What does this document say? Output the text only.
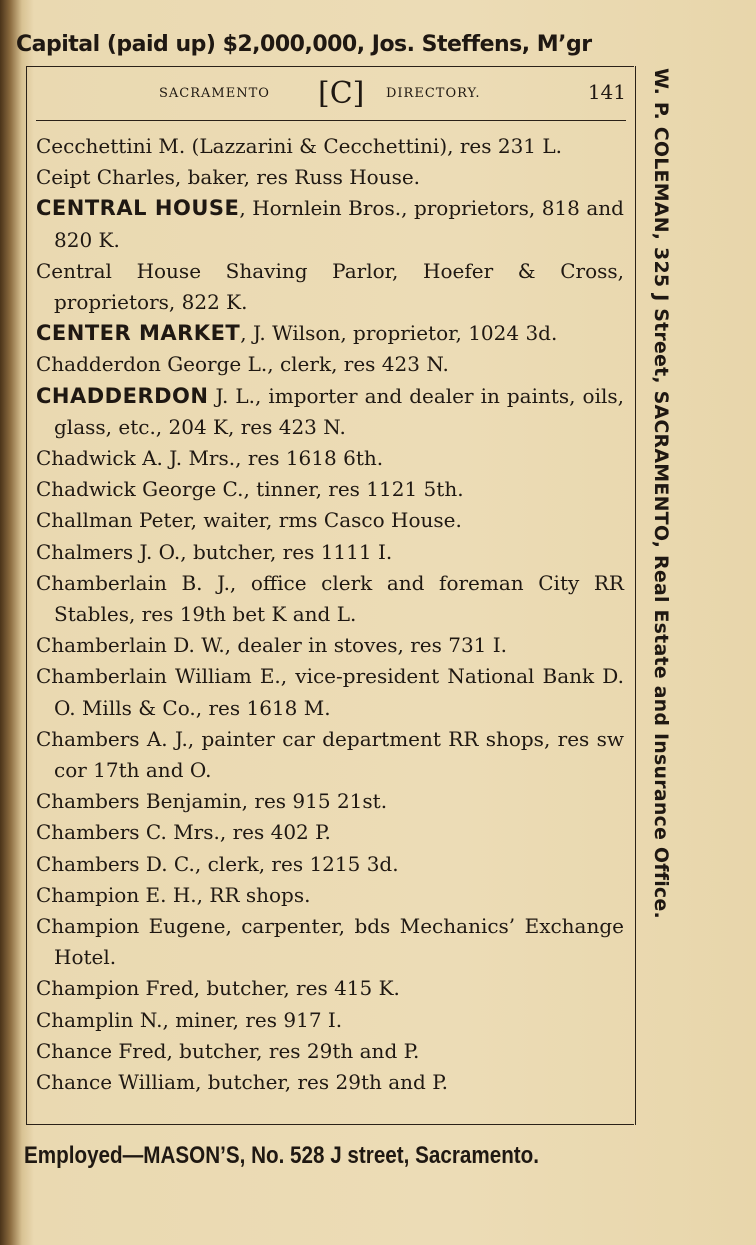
Capital (paid up) $2,000,000, Jos. Steffens, M’gr
SACRAMENTO [C] DIRECTORY.	141

Cecchettini M. (Lazzarini & Cecchettini), res 231 L.

Ceipt Charles, baker, res Russ House.

CENTRAL HOUSE, Hornlein Bros., proprietors, 818 and 820 K.

Central House Shaving Parlor, Hoefer & Cross, proprietors, 822 K.

CENTER MARKET, J. Wilson, proprietor, 1024 3d.

Chadderdon George L., clerk, res 423 N.

CHADDERDON J. L., importer and dealer in paints, oils, glass, etc., 204 K, res 423 N.

Chadwick A. J. Mrs., res 1618 6th.

Chadwick George C., tinner, res 1121 5th.

Challman Peter, waiter, rms Casco House.

Chalmers J. O., butcher, res 1111 I.

Chamberlain B. J., office clerk and foreman City RR Stables, res 19th bet K and L.

Chamberlain D. W., dealer in stoves, res 731 I.

Chamberlain William E., vice-president National Bank D. O. Mills & Co., res 1618 M.

Chambers A. J., painter car department RR shops, res sw cor 17th and O.

Chambers Benjamin, res 915 21st.

Chambers C. Mrs., res 402 P.

Chambers D. C., clerk, res 1215 3d.

Champion E. H., RR shops.

Champion Eugene, carpenter, bds Mechanics’ Exchange Hotel.

Champion Fred, butcher, res 415 K.

Champlin N., miner, res 917 I.

Chance Fred, butcher, res 29th and P.

Chance William, butcher, res 29th and P.

W. P. COLEMAN, 325 J Street, SACRAMENTO, Real Estate and Insurance Office.
Employed—MASON’S, No. 528 J street, Sacramento.
